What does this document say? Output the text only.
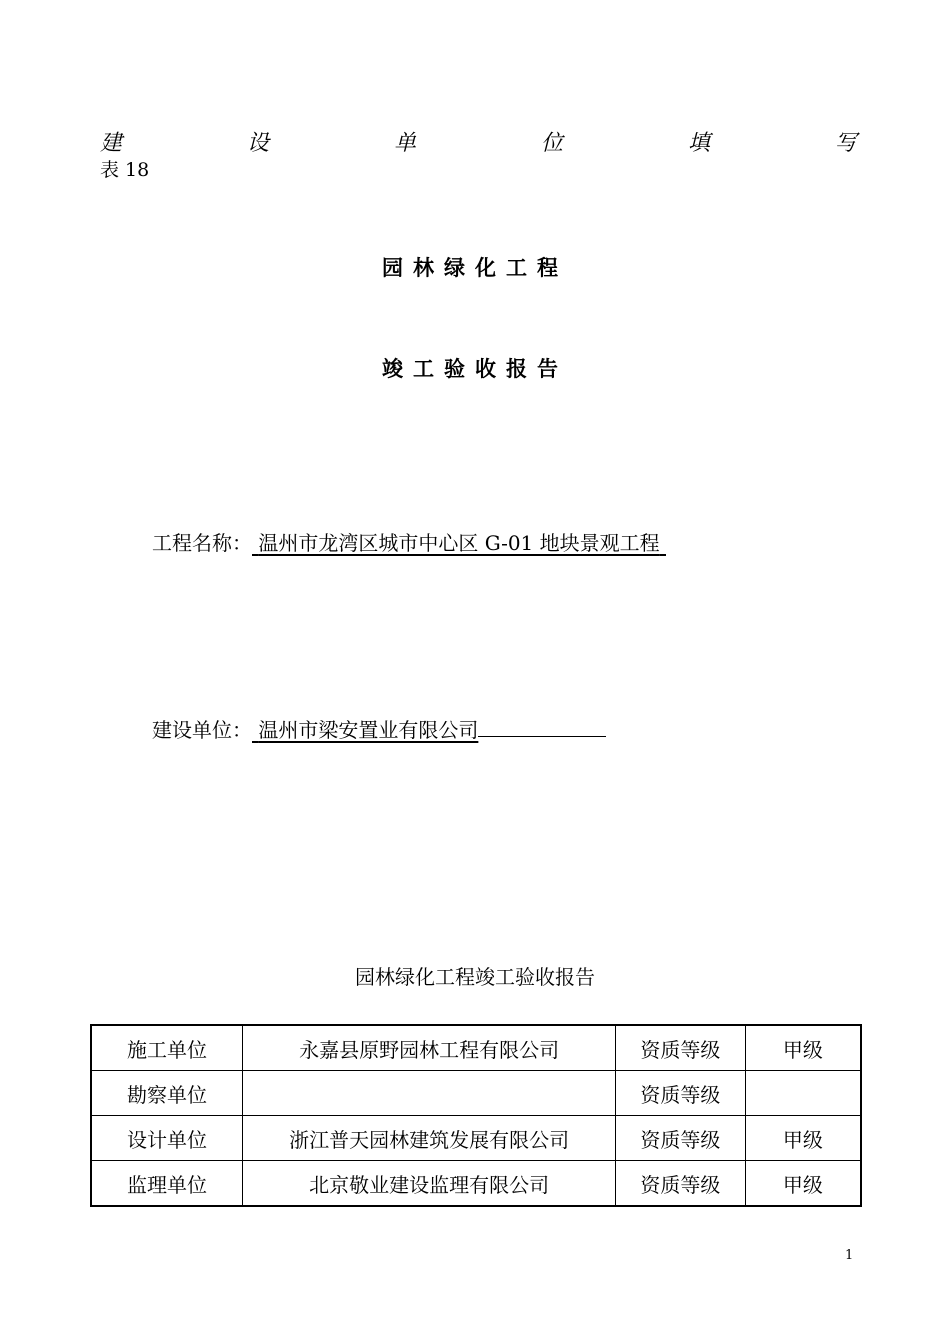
建	设	单	位	填	写
表 18
园林绿化工程
竣工验收报告
工程名称： 温州市龙湾区城市中心区 G-01 地块景观工程
建设单位： 温州市梁安置业有限公司
园林绿化工程竣工验收报告
施工单位	永嘉县原野园林工程有限公司	资质等级	甲级
勘察单位		资质等级	
设计单位	浙江普天园林建筑发展有限公司	资质等级	甲级
监理单位	北京敬业建设监理有限公司	资质等级	甲级
1
